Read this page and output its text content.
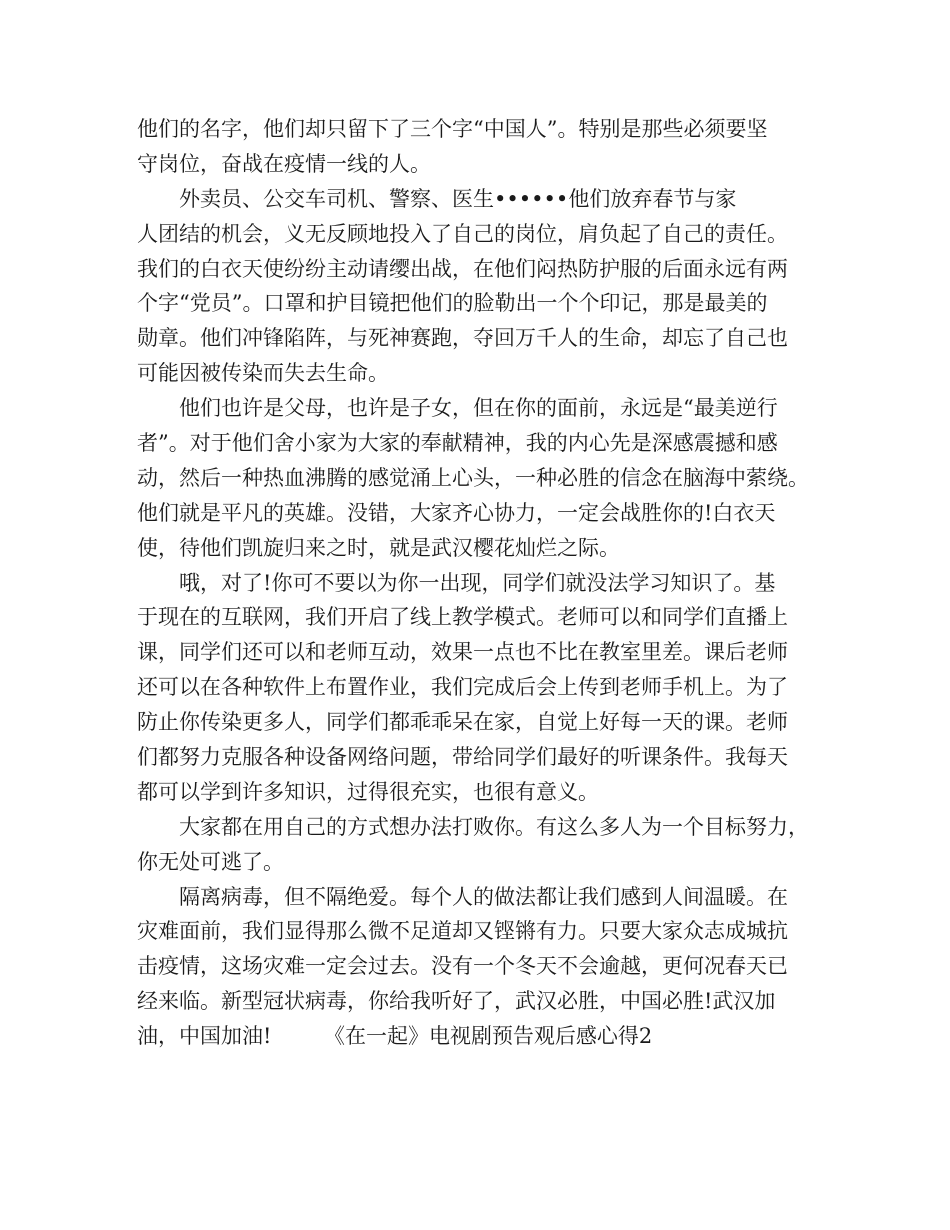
他们的名字，他们却只留下了三个字“中国人”。特别是那些必须要坚
守岗位，奋战在疫情一线的人。
　　外卖员、公交车司机、警察、医生••••••他们放弃春节与家
人团结的机会，义无反顾地投入了自己的岗位，肩负起了自己的责任。
我们的白衣天使纷纷主动请缨出战，在他们闷热防护服的后面永远有两
个字“党员”。口罩和护目镜把他们的脸勒出一个个印记，那是最美的
勋章。他们冲锋陷阵，与死神赛跑，夺回万千人的生命，却忘了自己也
可能因被传染而失去生命。
　　他们也许是父母，也许是子女，但在你的面前，永远是“最美逆行
者”。对于他们舍小家为大家的奉献精神，我的内心先是深感震撼和感
动，然后一种热血沸腾的感觉涌上心头，一种必胜的信念在脑海中萦绕。
他们就是平凡的英雄。没错，大家齐心协力，一定会战胜你的!白衣天
使，待他们凯旋归来之时，就是武汉樱花灿烂之际。
　　哦，对了!你可不要以为你一出现，同学们就没法学习知识了。基
于现在的互联网，我们开启了线上教学模式。老师可以和同学们直播上
课，同学们还可以和老师互动，效果一点也不比在教室里差。课后老师
还可以在各种软件上布置作业，我们完成后会上传到老师手机上。为了
防止你传染更多人，同学们都乖乖呆在家，自觉上好每一天的课。老师
们都努力克服各种设备网络问题，带给同学们最好的听课条件。我每天
都可以学到许多知识，过得很充实，也很有意义。
　　大家都在用自己的方式想办法打败你。有这么多人为一个目标努力，
你无处可逃了。
　　隔离病毒，但不隔绝爱。每个人的做法都让我们感到人间温暖。在
灾难面前，我们显得那么微不足道却又铿锵有力。只要大家众志成城抗
击疫情，这场灾难一定会过去。没有一个冬天不会逾越，更何况春天已
经来临。新型冠状病毒，你给我听好了，武汉必胜，中国必胜!武汉加
油，中国加油!　　　《在一起》电视剧预告观后感心得2
